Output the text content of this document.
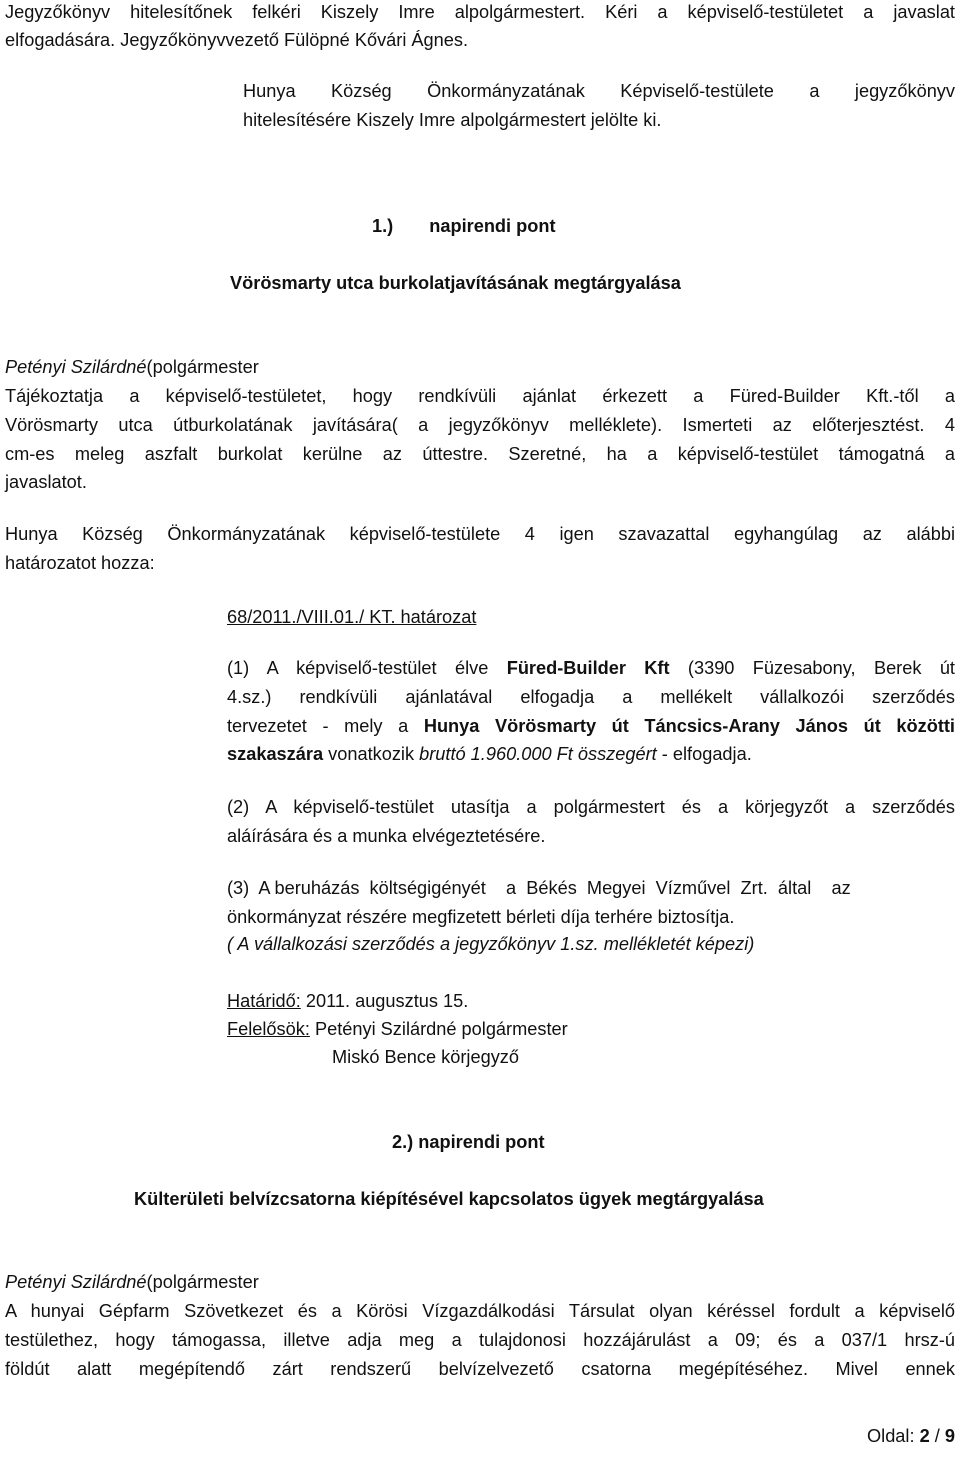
Jegyzőkönyv hitelesítőnek felkéri Kiszely Imre alpolgármestert. Kéri a képviselő-testületet a javaslat
elfogadására. Jegyzőkönyvvezető Fülöpné Kővári Ágnes.
Hunya Község Önkormányzatának Képviselő-testülete a jegyzőkönyv
hitelesítésére Kiszely Imre alpolgármestert jelölte ki.
1.) napirendi pont
Vörösmarty utca burkolatjavításának megtárgyalása
Petényi Szilárdné(polgármester
Tájékoztatja a képviselő-testületet, hogy rendkívüli ajánlat érkezett a Füred-Builder Kft.-től a
Vörösmarty utca útburkolatának javítására( a jegyzőkönyv melléklete). Ismerteti az előterjesztést. 4
cm-es meleg aszfalt burkolat kerülne az úttestre. Szeretné, ha a képviselő-testület támogatná a
javaslatot.
Hunya Község Önkormányzatának képviselő-testülete 4 igen szavazattal egyhangúlag az alábbi
határozatot hozza:
68/2011./VIII.01./ KT. határozat
(1) A képviselő-testület élve Füred-Builder Kft (3390 Füzesabony, Berek út
4.sz.) rendkívüli ajánlatával elfogadja a mellékelt vállalkozói szerződés
tervezetet - mely a Hunya Vörösmarty út Táncsics-Arany János út közötti
szakaszára vonatkozik bruttó 1.960.000 Ft összegért - elfogadja.
(2) A képviselő-testület utasítja a polgármestert és a körjegyzőt a szerződés
aláírására és a munka elvégeztetésére.
(3)  A beruházás  költségigényét    a  Békés  Megyei  Vízművel  Zrt.  által    az
önkormányzat részére megfizetett bérleti díja terhére biztosítja.
( A vállalkozási szerződés a jegyzőkönyv 1.sz. mellékletét képezi)
Határidő: 2011. augusztus 15.
Felelősök: Petényi Szilárdné polgármester
Miskó Bence körjegyző
2.) napirendi pont
Külterületi belvízcsatorna kiépítésével kapcsolatos ügyek megtárgyalása
Petényi Szilárdné(polgármester
A hunyai Gépfarm Szövetkezet és a Körösi Vízgazdálkodási Társulat olyan kéréssel fordult a képviselő
testülethez, hogy támogassa, illetve adja meg a tulajdonosi hozzájárulást a 09; és a 037/1 hrsz-ú
földút alatt megépítendő zárt rendszerű belvízelvezető csatorna megépítéséhez. Mivel ennek
Oldal: 2 / 9
